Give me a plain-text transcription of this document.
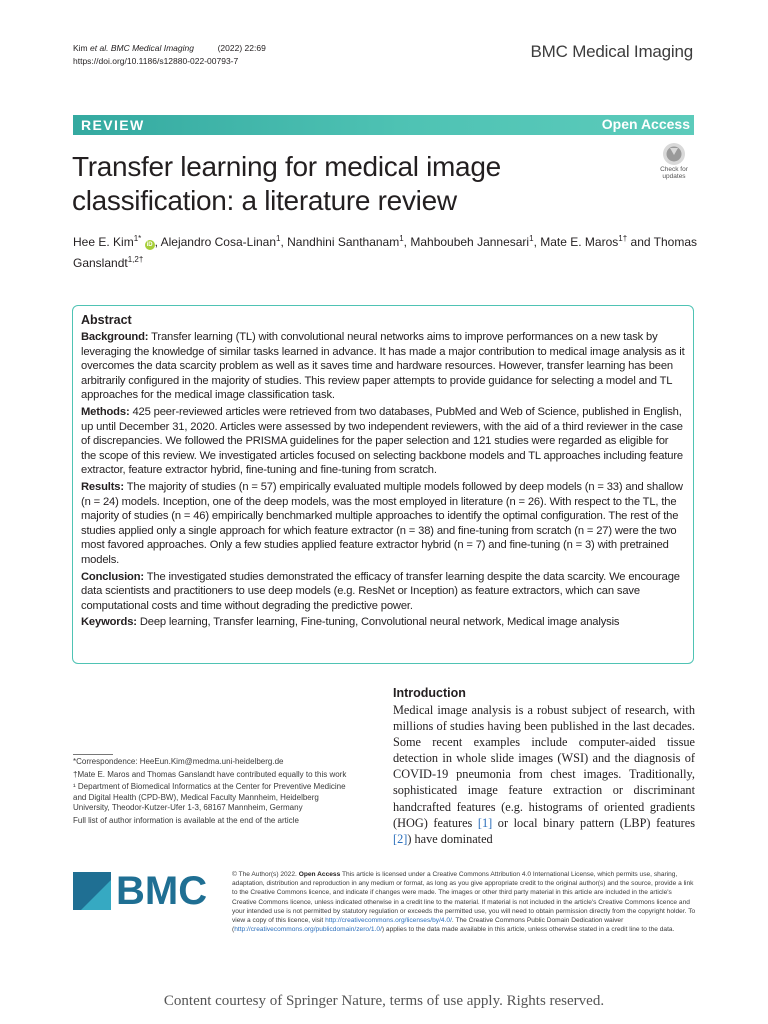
Kim et al. BMC Medical Imaging	(2022) 22:69
https://doi.org/10.1186/s12880-022-00793-7	BMC Medical Imaging
REVIEW	Open Access
Transfer learning for medical image classification: a literature review
Check for
updates
Hee E. Kim$^{1*}$ iD , Alejandro Cosa-Linan$^1$, Nandhini Santhanam$^1$, Mahboubeh Jannesari$^1$, Mate E. Maros$^{1\dagger}$ and Thomas Ganslandt$^{1,2\dagger}$
Abstract

Background: Transfer learning (TL) with convolutional neural networks aims to improve performances on a new task by leveraging the knowledge of similar tasks learned in advance. It has made a major contribution to medical image analysis as it overcomes the data scarcity problem as well as it saves time and hardware resources. However, transfer learning has been arbitrarily configured in the majority of studies. This review paper attempts to provide guidance for selecting a model and TL approaches for the medical image classification task.

Methods: 425 peer-reviewed articles were retrieved from two databases, PubMed and Web of Science, published in English, up until December 31, 2020. Articles were assessed by two independent reviewers, with the aid of a third reviewer in the case of discrepancies. We followed the PRISMA guidelines for the paper selection and 121 studies were regarded as eligible for the scope of this review. We investigated articles focused on selecting backbone models and TL approaches including feature extractor, feature extractor hybrid, fine-tuning and fine-tuning from scratch.

Results: The majority of studies (n = 57) empirically evaluated multiple models followed by deep models (n = 33) and shallow (n = 24) models. Inception, one of the deep models, was the most employed in literature (n = 26). With respect to the TL, the majority of studies (n = 46) empirically benchmarked multiple approaches to identify the optimal configuration. The rest of the studies applied only a single approach for which feature extractor (n = 38) and fine-tuning from scratch (n = 27) were the two most favored approaches. Only a few studies applied feature extractor hybrid (n = 7) and fine-tuning (n = 3) with pretrained models.

Conclusion: The investigated studies demonstrated the efficacy of transfer learning despite the data scarcity. We encourage data scientists and practitioners to use deep models (e.g. ResNet or Inception) as feature extractors, which can save computational costs and time without degrading the predictive power.

Keywords: Deep learning, Transfer learning, Fine-tuning, Convolutional neural network, Medical image analysis

*Correspondence: HeeEun.Kim@medma.uni-heidelberg.de

†Mate E. Maros and Thomas Ganslandt have contributed equally to this work

¹ Department of Biomedical Informatics at the Center for Preventive Medicine and Digital Health (CPD-BW), Medical Faculty Mannheim, Heidelberg University, Theodor-Kutzer-Ufer 1-3, 68167 Mannheim, Germany

Full list of author information is available at the end of the article

Introduction
Medical image analysis is a robust subject of research, with millions of studies having been published in the last decades. Some recent examples include computer-aided tissue detection in whole slide images (WSI) and the diagnosis of COVID-19 pneumonia from chest images. Traditionally, sophisticated image feature extraction or discriminant handcrafted features (e.g. histograms of oriented gradients (HOG) features [1] or local binary pattern (LBP) features [2]) have dominated
BMC	© The Author(s) 2022. Open Access This article is licensed under a Creative Commons Attribution 4.0 International License, which permits use, sharing, adaptation, distribution and reproduction in any medium or format, as long as you give appropriate credit to the original author(s) and the source, provide a link to the Creative Commons licence, and indicate if changes were made. The images or other third party material in this article are included in the article's Creative Commons licence, unless indicated otherwise in a credit line to the material. If material is not included in the article's Creative Commons licence and your intended use is not permitted by statutory regulation or exceeds the permitted use, you will need to obtain permission directly from the copyright holder. To view a copy of this licence, visit http://creativecommons.org/licenses/by/4.0/. The Creative Commons Public Domain Dedication waiver (http://creativecommons.org/publicdomain/zero/1.0/) applies to the data made available in this article, unless otherwise stated in a credit line to the data.
Content courtesy of Springer Nature, terms of use apply. Rights reserved.
